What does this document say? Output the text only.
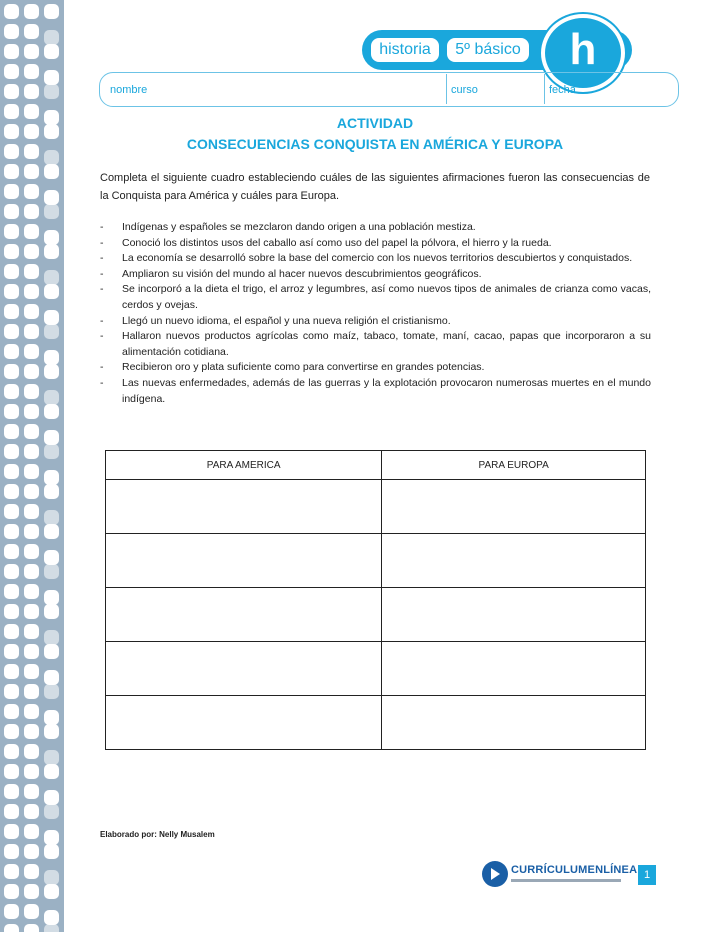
historia	5º básico	h
nombre	curso	fecha
ACTIVIDAD
CONSECUENCIAS CONQUISTA EN AMÉRICA Y EUROPA
Completa el siguiente cuadro estableciendo cuáles de las siguientes afirmaciones fueron las consecuencias de la Conquista para América y cuáles para Europa.
- Indígenas y españoles se mezclaron dando origen a una población mestiza.
- Conoció los distintos usos del caballo así como uso del papel la pólvora, el hierro y la rueda.
- La economía se desarrolló sobre la base del comercio con los nuevos territorios descubiertos y conquistados.
- Ampliaron su visión del mundo al hacer nuevos descubrimientos geográficos.
- Se incorporó a la dieta el trigo, el arroz y legumbres, así como nuevos tipos de animales de crianza como vacas, cerdos y ovejas.
- Llegó un nuevo idioma, el español y una nueva religión el cristianismo.
- Hallaron nuevos productos agrícolas como maíz, tabaco, tomate, maní, cacao, papas que incorporaron a su alimentación cotidiana.
- Recibieron oro y plata suficiente como para convertirse en grandes potencias.
- Las nuevas enfermedades, además de las guerras y la explotación provocaron numerosas muertes en el mundo indígena.
PARA AMERICA	PARA EUROPA

Elaborado por: Nelly Musalem
CURRÍCULUMENLÍNEA 1
